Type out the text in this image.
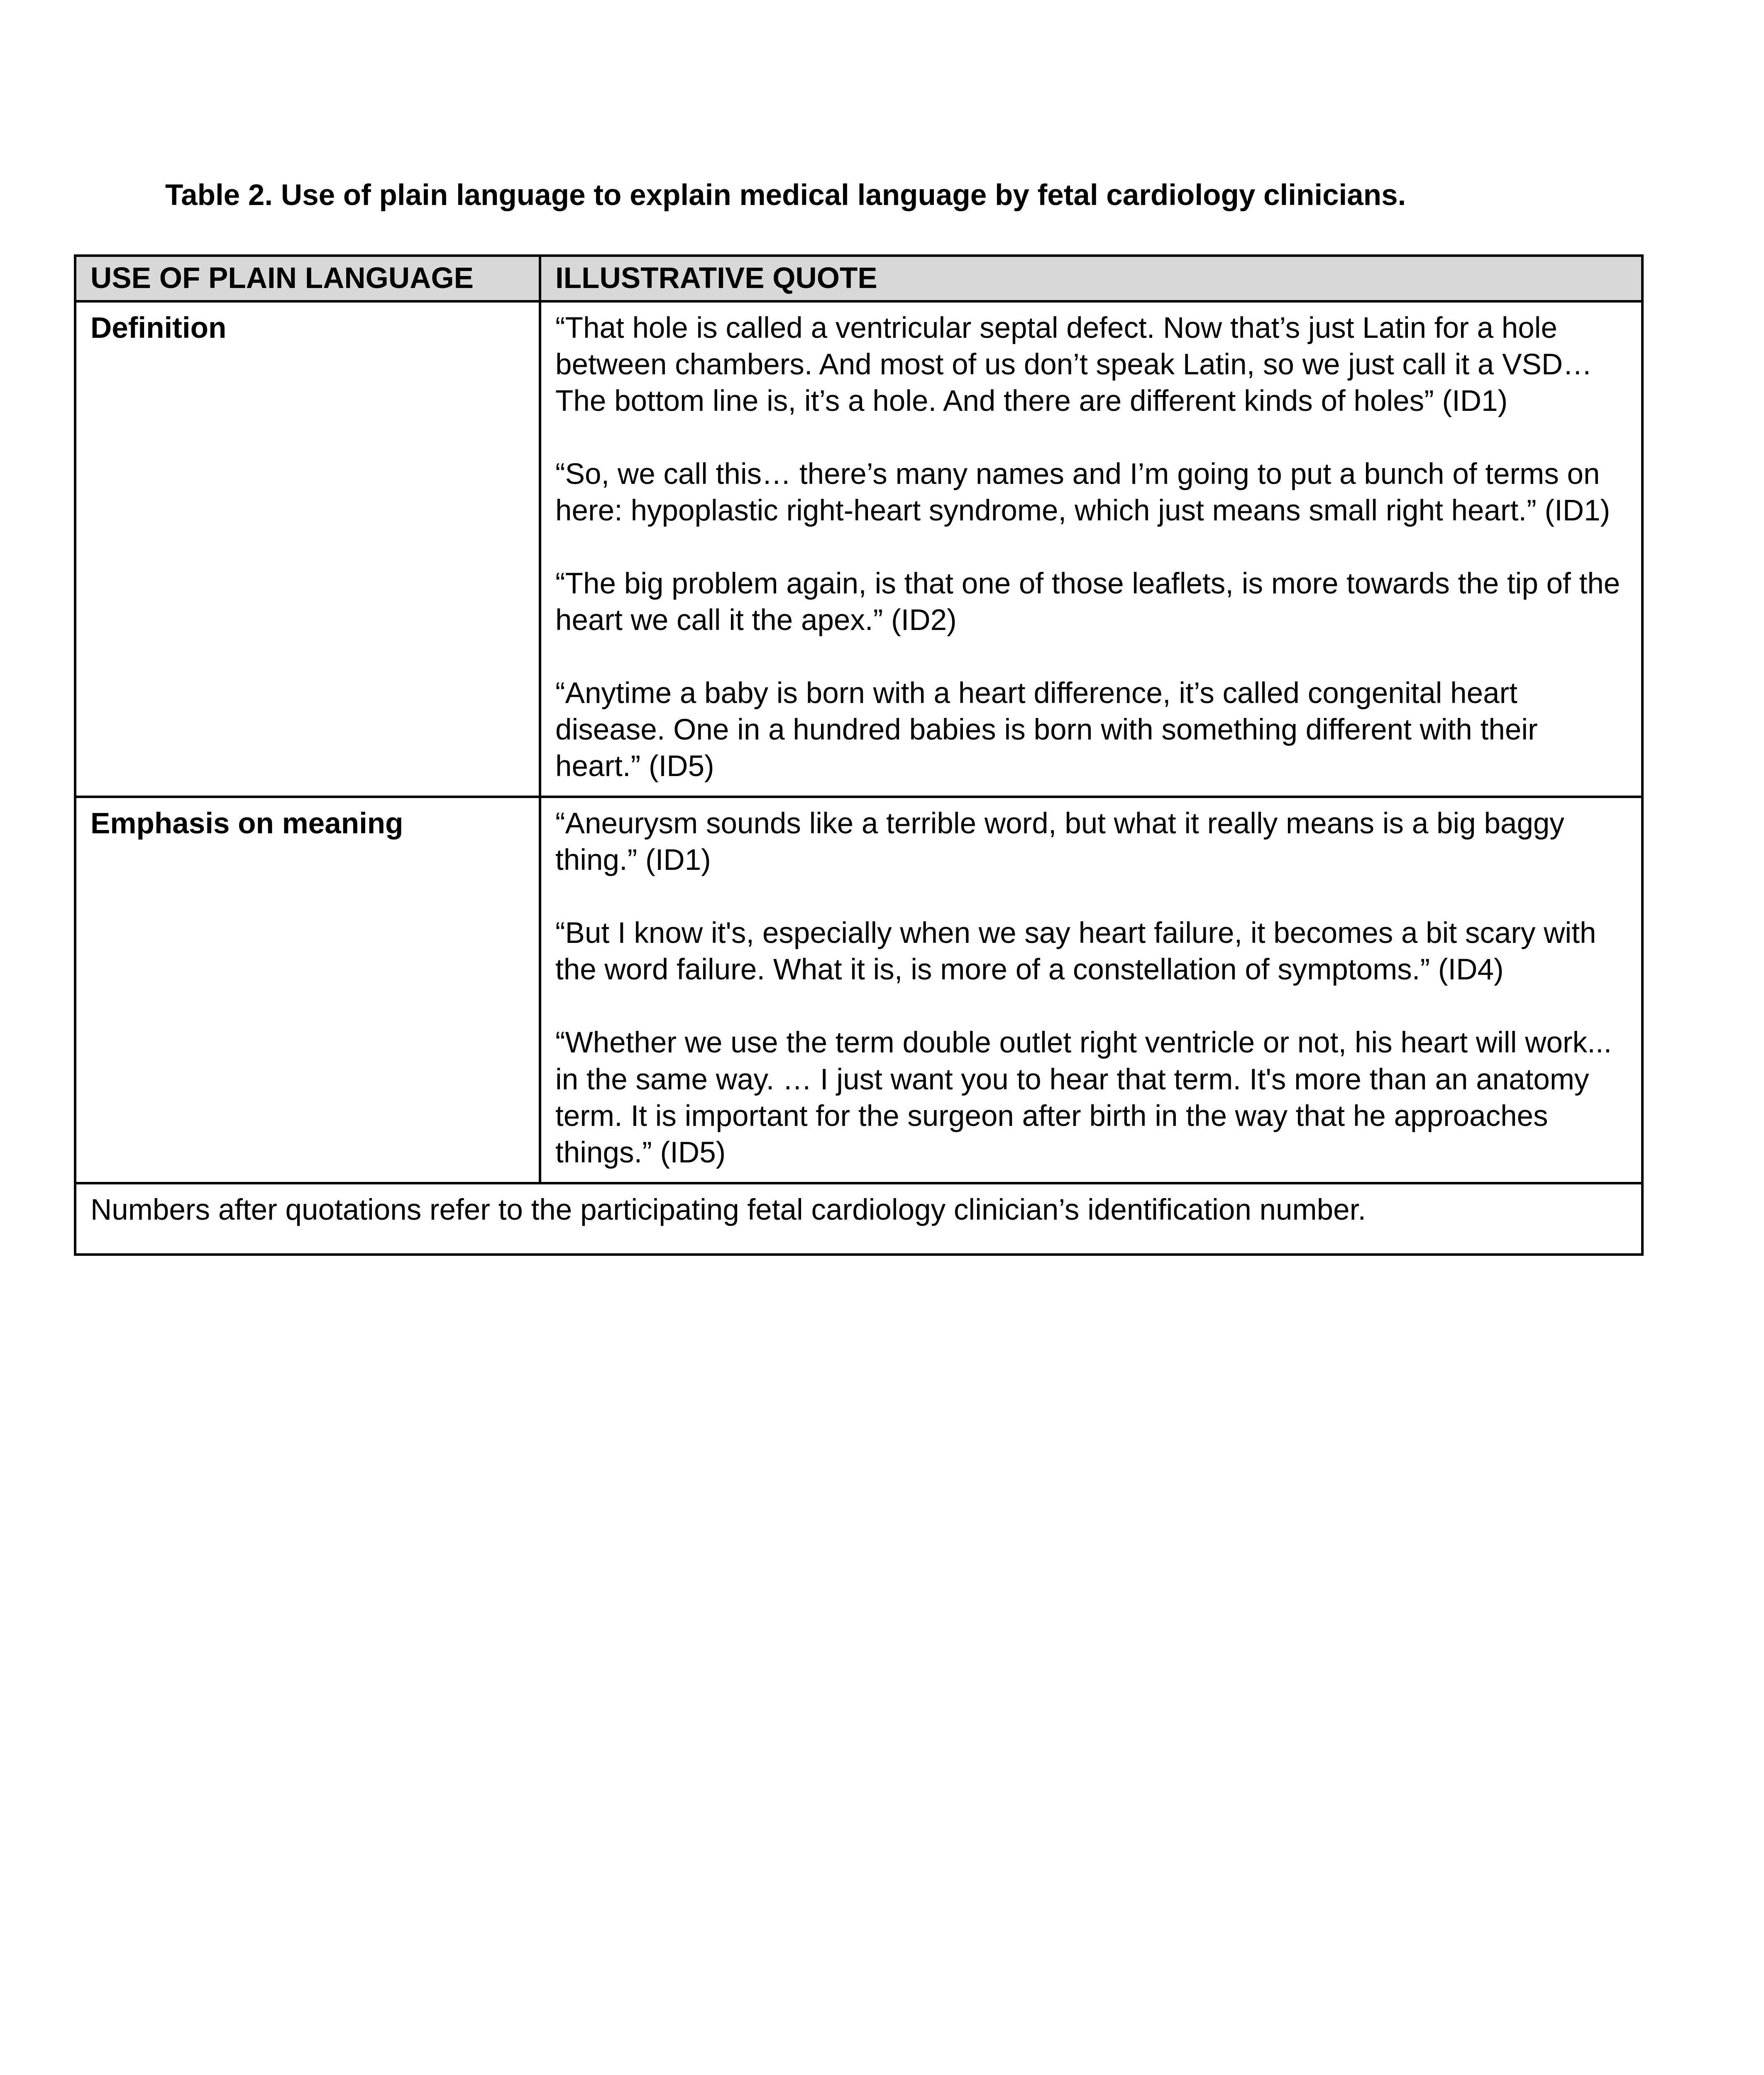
Table 2. Use of plain language to explain medical language by fetal cardiology clinicians.

USE OF PLAIN LANGUAGE	ILLUSTRATIVE QUOTE
Definition	“That hole is called a ventricular septal defect. Now that’s just Latin for a hole between chambers. And most of us don’t speak Latin, so we just call it a VSD… The bottom line is, it’s a hole. And there are different kinds of holes” (ID1)

“So, we call this… there’s many names and I’m going to put a bunch of terms on here: hypoplastic right-heart syndrome, which just means small right heart.” (ID1)

“The big problem again, is that one of those leaflets, is more towards the tip of the heart we call it the apex.” (ID2)

“Anytime a baby is born with a heart difference, it’s called congenital heart disease. One in a hundred babies is born with something different with their heart.” (ID5)

Emphasis on meaning	“Aneurysm sounds like a terrible word, but what it really means is a big baggy thing.” (ID1)

“But I know it's, especially when we say heart failure, it becomes a bit scary with the word failure. What it is, is more of a constellation of symptoms.” (ID4)

“Whether we use the term double outlet right ventricle or not, his heart will work... in the same way. … I just want you to hear that term. It's more than an anatomy term. It is important for the surgeon after birth in the way that he approaches things.” (ID5)

Numbers after quotations refer to the participating fetal cardiology clinician’s identification number.	
